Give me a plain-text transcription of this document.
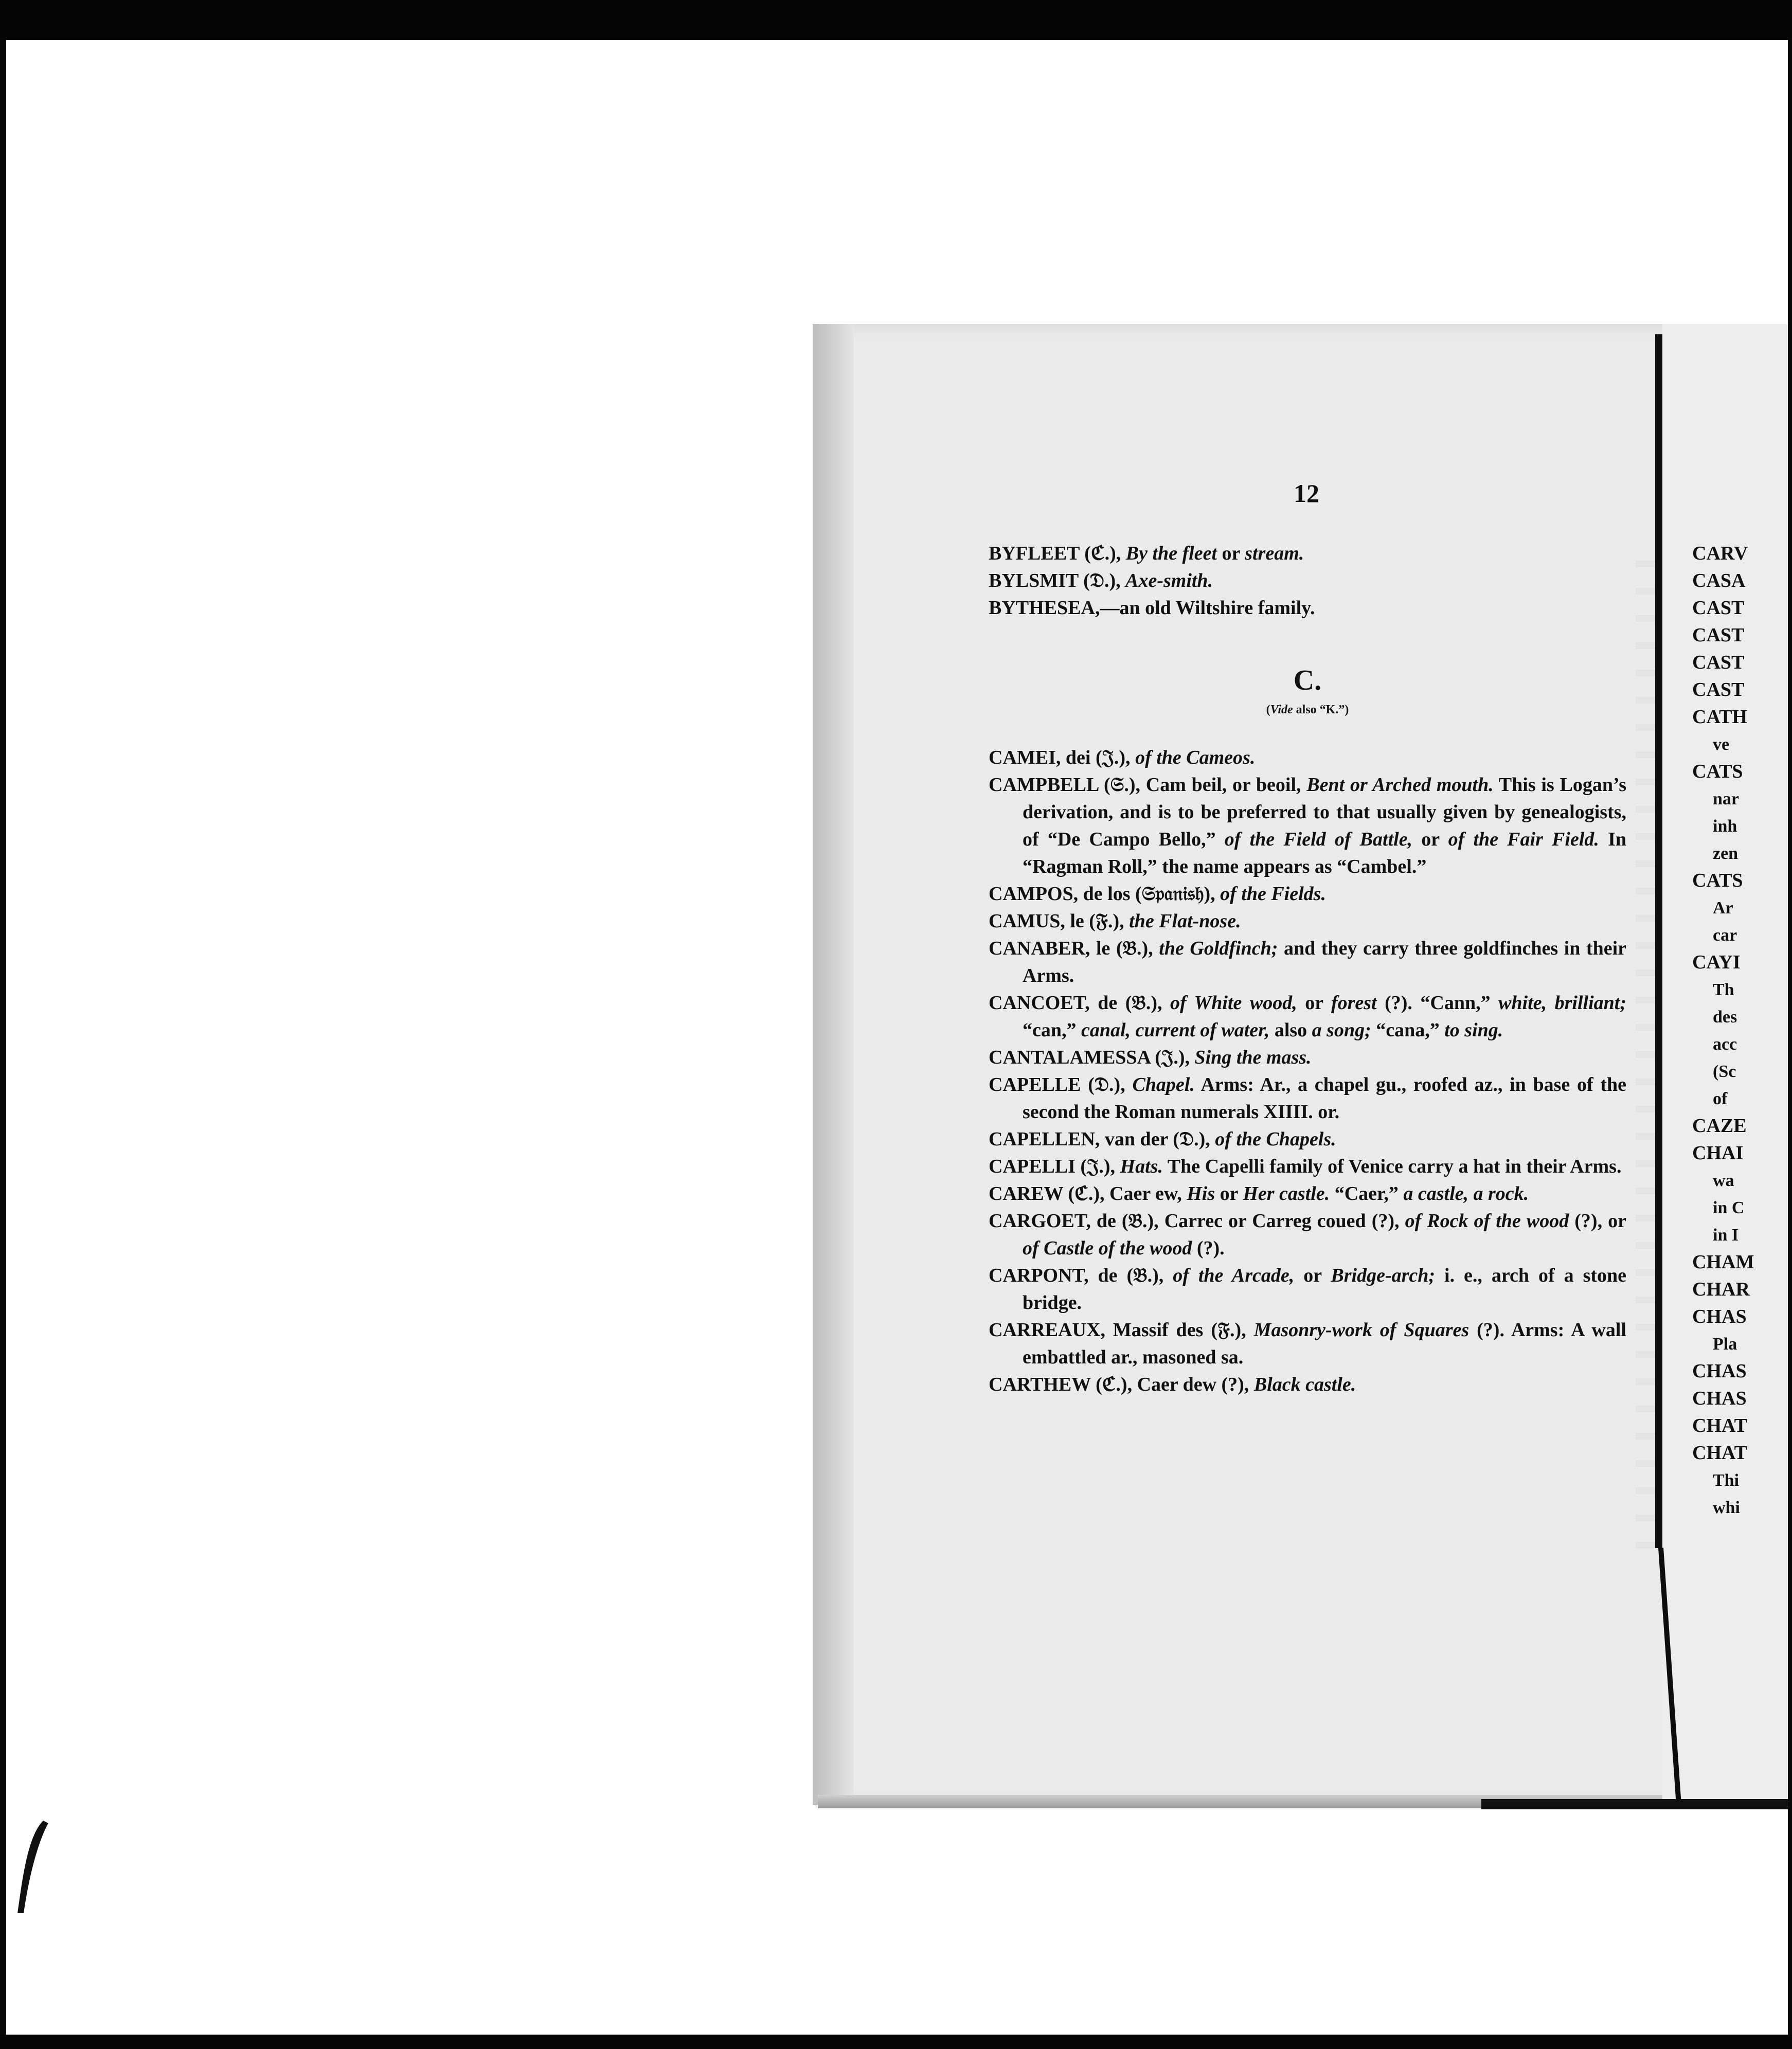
12

BYFLEET (ℭ.), By the fleet or stream.

BYLSMIT (𝔇.), Axe-smith.

BYTHESEA,—an old Wiltshire family.

C.
(Vide also “K.”)

CAMEI, dei (𝔍.), of the Cameos.

CAMPBELL (𝔖.), Cam beil, or beoil, Bent or Arched mouth. This is Logan’s derivation, and is to be preferred to that usually given by genealogists, of “De Campo Bello,” of the Field of Battle, or of the Fair Field. In “Ragman Roll,” the name appears as “Cambel.”

CAMPOS, de los (𝔖𝔭𝔞𝔫𝔦𝔰𝔥), of the Fields.

CAMUS, le (𝔉.), the Flat-nose.

CANABER, le (𝔅.), the Goldfinch; and they carry three goldfinches in their Arms.

CANCOET, de (𝔅.), of White wood, or forest (?). “Cann,” white, brilliant; “can,” canal, current of water, also a song; “cana,” to sing.

CANTALAMESSA (𝔍.), Sing the mass.

CAPELLE (𝔇.), Chapel. Arms: Ar., a chapel gu., roofed az., in base of the second the Roman numerals XIIII. or.

CAPELLEN, van der (𝔇.), of the Chapels.

CAPELLI (𝔍.), Hats. The Capelli family of Venice carry a hat in their Arms.

CAREW (ℭ.), Caer ew, His or Her castle. “Caer,” a castle, a rock.

CARGOET, de (𝔅.), Carrec or Carreg coued (?), of Rock of the wood (?), or of Castle of the wood (?).

CARPONT, de (𝔅.), of the Arcade, or Bridge-arch; i. e., arch of a stone bridge.

CARREAUX, Massif des (𝔉.), Masonry-work of Squares (?). Arms: A wall embattled ar., masoned sa.

CARTHEW (ℭ.), Caer dew (?), Black castle.

CARV
CASA
CAST
CAST
CAST
CAST
CATH
ve
CATS
nar
inh
zen
CATS
Ar
car
CAYI
Th
des
acc
(Sc
of
CAZE
CHAI
wa
in C
in I
CHAM
CHAR
CHAS
Pla
CHAS
CHAS
CHAT
CHAT
Thi
whi
